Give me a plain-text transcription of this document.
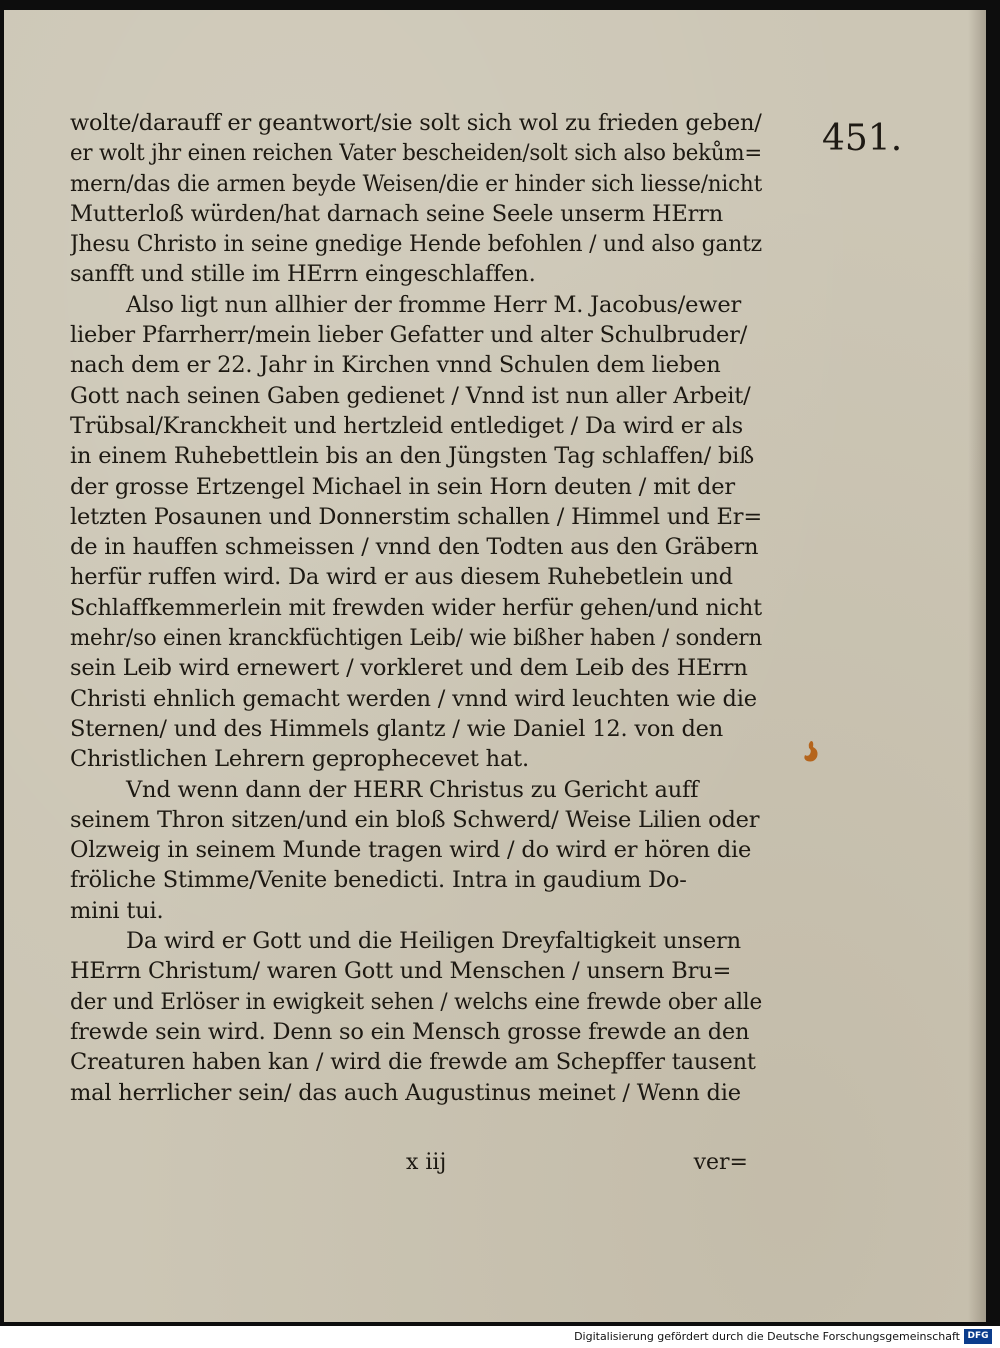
451.
wolte/darauff er geantwort/sie solt sich wol zu frieden geben/
er wolt jhr einen reichen Vater bescheiden/solt sich also bekům=
mern/das die armen beyde Weisen/die er hinder sich liesse/nicht
Mutterloß würden/hat darnach seine Seele unserm HErrn
Jhesu Christo in seine gnedige Hende befohlen / und also gantz
sanfft und stille im HErrn eingeschlaffen.
Also ligt nun allhier der fromme Herr M. Jacobus/ewer
lieber Pfarrherr/mein lieber Gefatter und alter Schulbruder/
nach dem er 22. Jahr in Kirchen vnnd Schulen dem lieben
Gott nach seinen Gaben gedienet / Vnnd ist nun aller Arbeit/
Trübsal/Kranckheit und hertzleid entlediget / Da wird er als
in einem Ruhebettlein bis an den Jüngsten Tag schlaffen/ biß
der grosse Ertzengel Michael in sein Horn deuten / mit der
letzten Posaunen und Donnerstim schallen / Himmel und Er=
de in hauffen schmeissen / vnnd den Todten aus den Gräbern
herfür ruffen wird. Da wird er aus diesem Ruhebetlein und
Schlaffkemmerlein mit frewden wider herfür gehen/und nicht
mehr/so einen kranckfüchtigen Leib/ wie bißher haben / sondern
sein Leib wird ernewert / vorkleret und dem Leib des HErrn
Christi ehnlich gemacht werden / vnnd wird leuchten wie die
Sternen/ und des Himmels glantz / wie Daniel 12. von den
Christlichen Lehrern geprophecevet hat.
Vnd wenn dann der HERR Christus zu Gericht auff
seinem Thron sitzen/und ein bloß Schwerd/ Weise Lilien oder
Olzweig in seinem Munde tragen wird / do wird er hören die
fröliche Stimme/Venite benedicti. Intra in gaudium Do-
mini tui.
Da wird er Gott und die Heiligen Dreyfaltigkeit unsern
HErrn Christum/ waren Gott und Menschen / unsern Bru=
der und Erlöser in ewigkeit sehen / welchs eine frewde ober alle
frewde sein wird. Denn so ein Mensch grosse frewde an den
Creaturen haben kan / wird die frewde am Schepffer tausent
mal herrlicher sein/ das auch Augustinus meinet / Wenn die
x iij	ver=
Digitalisierung gefördert durch die Deutsche Forschungsgemeinschaft DFG
